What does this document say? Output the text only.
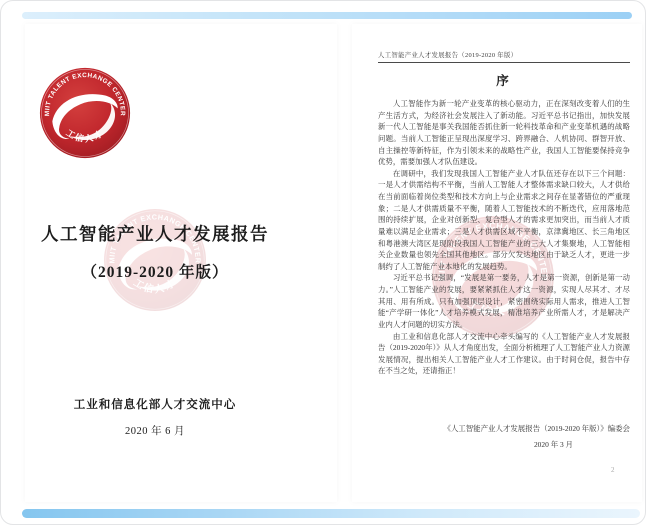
人工智能产业人才发展报告
（2019-2020 年版）
工业和信息化部人才交流中心
2020 年 6 月
人工智能产业人才发展报告（2019-2020 年版）
序

人工智能作为新一轮产业变革的核心驱动力，正在深刻改变着人们的生产生活方式，为经济社会发展注入了新动能。习近平总书记指出，加快发展新一代人工智能是事关我国能否抓住新一轮科技革命和产业变革机遇的战略问题。当前人工智能正呈现出深度学习、跨界融合、人机协同、群智开放、自主操控等新特征，作为引领未来的战略性产业，我国人工智能要保持竞争优势，需要加强人才队伍建设。

在调研中，我们发现我国人工智能产业人才队伍还存在以下三个问题：一是人才供需结构不平衡，当前人工智能人才整体需求缺口较大，人才供给在当前面临着岗位类型和技术方向上与企业需求之间存在显著错位的严重现象；二是人才供需质量不平衡，随着人工智能技术的不断迭代，应用落地范围的持续扩展，企业对创新型、复合型人才的需求更加突出，而当前人才质量难以满足企业需求；三是人才供需区域不平衡，京津冀地区、长三角地区和粤港澳大湾区是现阶段我国人工智能产业的三大人才集聚地，人工智能相关企业数量也领先全国其他地区。部分欠发达地区由于缺乏人才，更进一步制约了人工智能产业本地化的发展趋势。

习近平总书记强调，“发展是第一要务，人才是第一资源，创新是第一动力。”人工智能产业的发展，要紧紧抓住人才这一资源，实现人尽其才、才尽其用、用有所成。只有加强顶层设计，紧密围绕实际用人需求，推进人工智能“产学研一体化”人才培养模式发展，精准培养产业所需人才，才是解决产业内人才问题的切实方法。

由工业和信息化部人才交流中心牵头编写的《人工智能产业人才发展报告（2019-2020年）》从人才角度出发，全面分析梳理了人工智能产业人力资源发展情况，提出相关人工智能产业人才工作建议。由于时间仓促，报告中存在不当之处，还请指正！

《人工智能产业人才发展报告（2019-2020 年版）》编委会
2020 年 3 月
2
